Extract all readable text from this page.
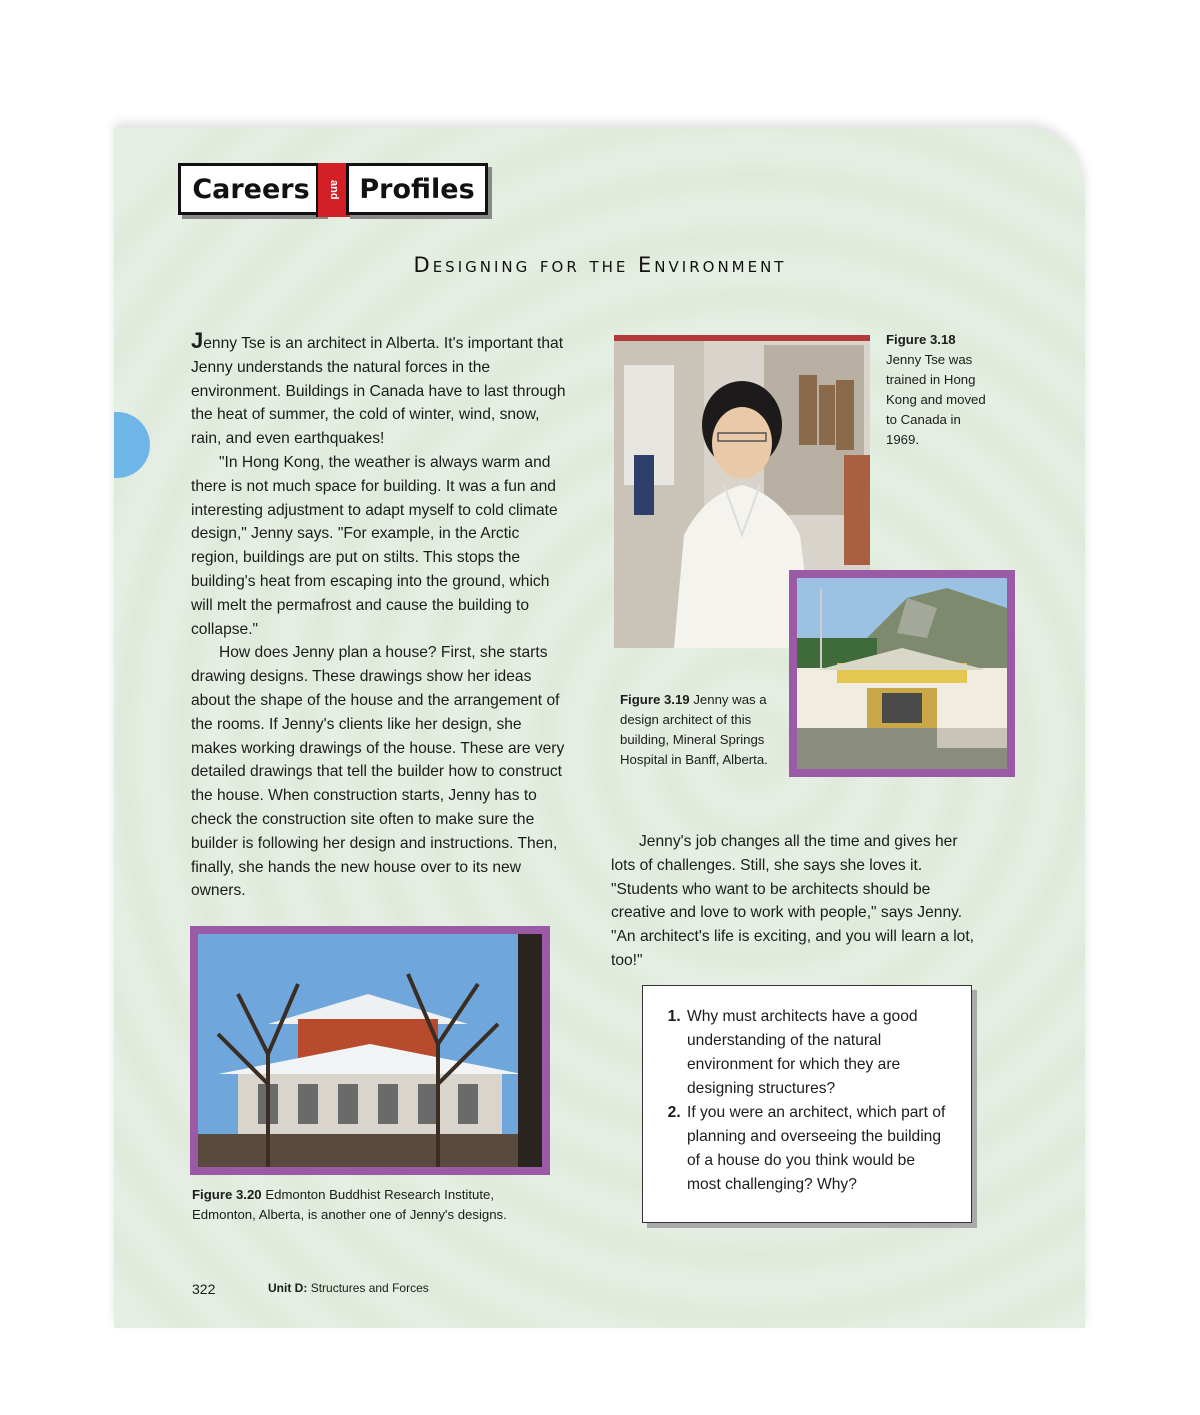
Careers	and Profiles
Designing for the Environment

Jenny Tse is an architect in Alberta. It's important that Jenny understands the natural forces in the environment. Buildings in Canada have to last through the heat of summer, the cold of winter, wind, snow, rain, and even earthquakes!

"In Hong Kong, the weather is always warm and there is not much space for building. It was a fun and interesting adjustment to adapt myself to cold climate design," Jenny says. "For example, in the Arctic region, buildings are put on stilts. This stops the building's heat from escaping into the ground, which will melt the permafrost and cause the building to collapse."

How does Jenny plan a house? First, she starts drawing designs. These drawings show her ideas about the shape of the house and the arrangement of the rooms. If Jenny's clients like her design, she makes working drawings of the house. These are very detailed drawings that tell the builder how to construct the house. When construction starts, Jenny has to check the construction site often to make sure the builder is following her design and instructions. Then, finally, she hands the new house over to its new owners.

Figure 3.18
Jenny Tse was trained in Hong Kong and moved to Canada in 1969.
Figure 3.19 Jenny was a design architect of this building, Mineral Springs Hospital in Banff, Alberta.

Jenny's job changes all the time and gives her lots of challenges. Still, she says she loves it. "Students who want to be architects should be creative and love to work with people," says Jenny. "An architect's life is exciting, and you will learn a lot, too!"

Figure 3.20 Edmonton Buddhist Research Institute, Edmonton, Alberta, is another one of Jenny's designs.
1. Why must architects have a good understanding of the natural environment for which they are designing structures?
2. If you were an architect, which part of planning and overseeing the building of a house do you think would be most challenging? Why?
322	Unit D: Structures and Forces
